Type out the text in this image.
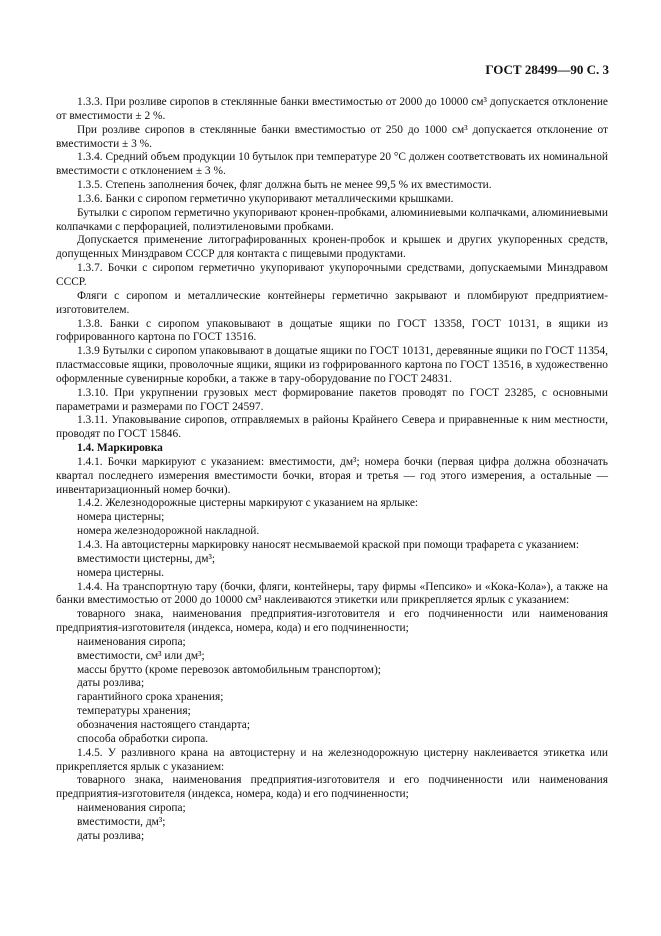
ГОСТ 28499—90 С. 3

1.3.3. При розливе сиропов в стеклянные банки вместимостью от 2000 до 10000 см³ допускается отклонение от вместимости ± 2 %.

При розливе сиропов в стеклянные банки вместимостью от 250 до 1000 см³ допускается отклонение от вместимости ± 3 %.

1.3.4. Средний объем продукции 10 бутылок при температуре 20 °С должен соответствовать их номинальной вместимости с отклонением ± 3 %.

1.3.5. Степень заполнения бочек, фляг должна быть не менее 99,5 % их вместимости.

1.3.6. Банки с сиропом герметично укупоривают металлическими крышками.

Бутылки с сиропом герметично укупоривают кронен-пробками, алюминиевыми колпачками, алюминиевыми колпачками с перфорацией, полиэтиленовыми пробками.

Допускается применение литографированных кронен-пробок и крышек и других укупоренных средств, допущенных Минздравом СССР для контакта с пищевыми продуктами.

1.3.7. Бочки с сиропом герметично укупоривают укупорочными средствами, допускаемыми Минздравом СССР.

Фляги с сиропом и металлические контейнеры герметично закрывают и пломбируют предприятием-изготовителем.

1.3.8. Банки с сиропом упаковывают в дощатые ящики по ГОСТ 13358, ГОСТ 10131, в ящики из гофрированного картона по ГОСТ 13516.

1.3.9 Бутылки с сиропом упаковывают в дощатые ящики по ГОСТ 10131, деревянные ящики по ГОСТ 11354, пластмассовые ящики, проволочные ящики, ящики из гофрированного картона по ГОСТ 13516, в художественно оформленные сувенирные коробки, а также в тару-оборудование по ГОСТ 24831.

1.3.10. При укрупнении грузовых мест формирование пакетов проводят по ГОСТ 23285, с основными параметрами и размерами по ГОСТ 24597.

1.3.11. Упаковывание сиропов, отправляемых в районы Крайнего Севера и приравненные к ним местности, проводят по ГОСТ 15846.

1.4. Маркировка

1.4.1. Бочки маркируют с указанием: вместимости, дм³; номера бочки (первая цифра должна обозначать квартал последнего измерения вместимости бочки, вторая и третья — год этого измерения, а остальные — инвентаризационный номер бочки).

1.4.2. Железнодорожные цистерны маркируют с указанием на ярлыке:

номера цистерны;

номера железнодорожной накладной.

1.4.3. На автоцистерны маркировку наносят несмываемой краской при помощи трафарета с указанием:

вместимости цистерны, дм³;

номера цистерны.

1.4.4. На транспортную тару (бочки, фляги, контейнеры, тару фирмы «Пепсико» и «Кока-Кола»), а также на банки вместимостью от 2000 до 10000 см³ наклеиваются этикетки или прикрепляется ярлык с указанием:

товарного знака, наименования предприятия-изготовителя и его подчиненности или наименования предприятия-изготовителя (индекса, номера, кода) и его подчиненности;

наименования сиропа;

вместимости, см³ или дм³;

массы брутто (кроме перевозок автомобильным транспортом);

даты розлива;

гарантийного срока хранения;

температуры хранения;

обозначения настоящего стандарта;

способа обработки сиропа.

1.4.5. У разливного крана на автоцистерну и на железнодорожную цистерну наклеивается этикетка или прикрепляется ярлык с указанием:

товарного знака, наименования предприятия-изготовителя и его подчиненности или наименования предприятия-изготовителя (индекса, номера, кода) и его подчиненности;

наименования сиропа;

вместимости, дм³;

даты розлива;
